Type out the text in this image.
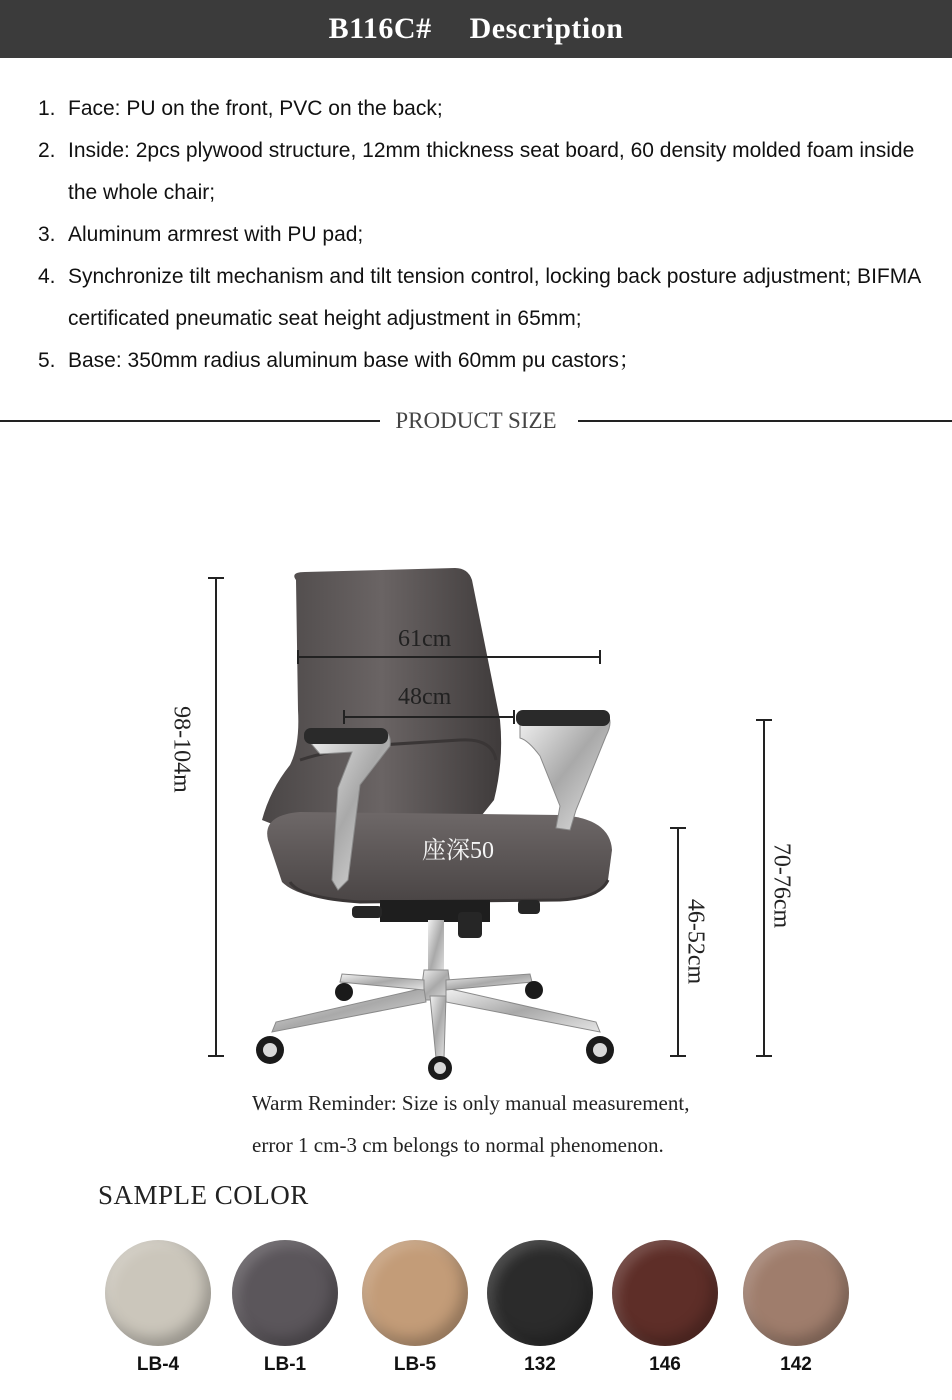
B116C# Description
1. Face: PU on the front, PVC on the back;
2. Inside: 2pcs plywood structure, 12mm thickness seat board, 60 density molded foam inside the whole chair;
3. Aluminum armrest with PU pad;
4. Synchronize tilt mechanism and tilt tension control, locking back posture adjustment; BIFMA certificated pneumatic seat height adjustment in 65mm;
5. Base: 350mm radius aluminum base with 60mm pu castors；
PRODUCT SIZE
61cm
48cm
座深50
98-104m
46-52cm
70-76cm
Warm Reminder: Size is only manual measurement,
error 1 cm-3 cm belongs to normal phenomenon.
SAMPLE COLOR
LB-4	LB-1	LB-5	132	146	142
